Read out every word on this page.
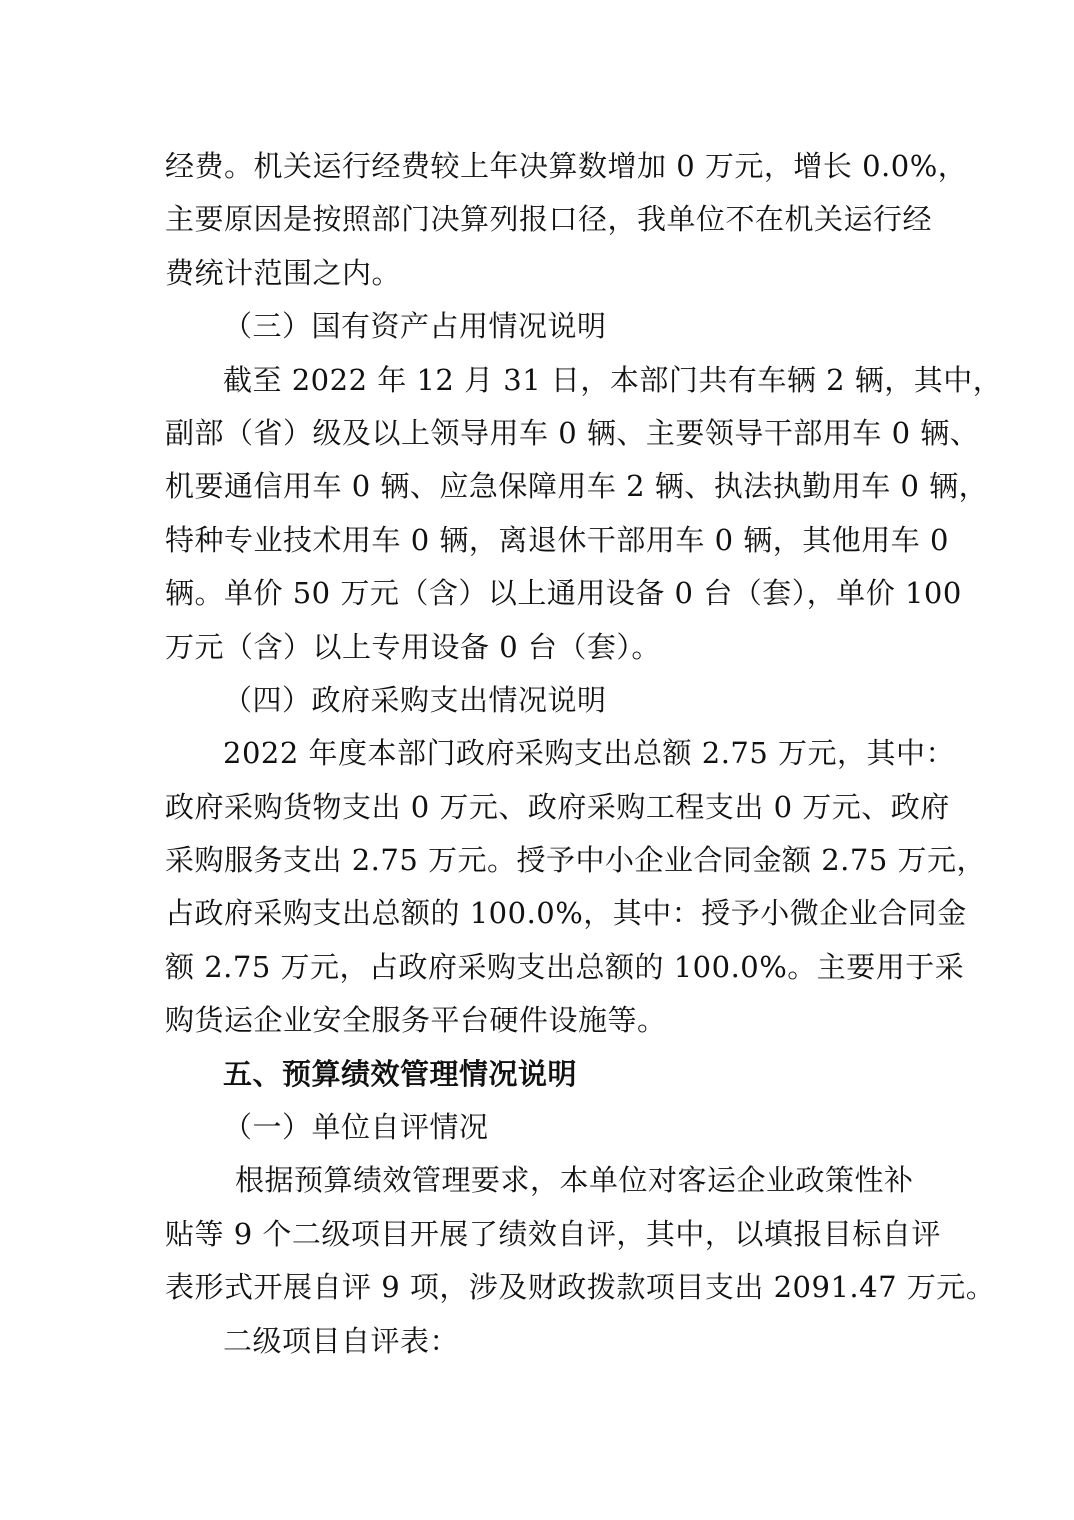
经费。机关运行经费较上年决算数增加 0 万元，增长 0.0%，
主要原因是按照部门决算列报口径，我单位不在机关运行经
费统计范围之内。
（三）国有资产占用情况说明
截至 2022 年 12 月 31 日，本部门共有车辆 2 辆，其中，
副部（省）级及以上领导用车 0 辆、主要领导干部用车 0 辆、
机要通信用车 0 辆、应急保障用车 2 辆、执法执勤用车 0 辆，
特种专业技术用车 0 辆，离退休干部用车 0 辆，其他用车 0
辆。单价 50 万元（含）以上通用设备 0 台（套），单价 100
万元（含）以上专用设备 0 台（套）。
（四）政府采购支出情况说明
2022 年度本部门政府采购支出总额 2.75 万元，其中：
政府采购货物支出 0 万元、政府采购工程支出 0 万元、政府
采购服务支出 2.75 万元。授予中小企业合同金额 2.75 万元，
占政府采购支出总额的 100.0%，其中：授予小微企业合同金
额 2.75 万元，占政府采购支出总额的 100.0%。主要用于采
购货运企业安全服务平台硬件设施等。
五、预算绩效管理情况说明
（一）单位自评情况
根据预算绩效管理要求，本单位对客运企业政策性补
贴等 9 个二级项目开展了绩效自评，其中，以填报目标自评
表形式开展自评 9 项，涉及财政拨款项目支出 2091.47 万元。
二级项目自评表：
